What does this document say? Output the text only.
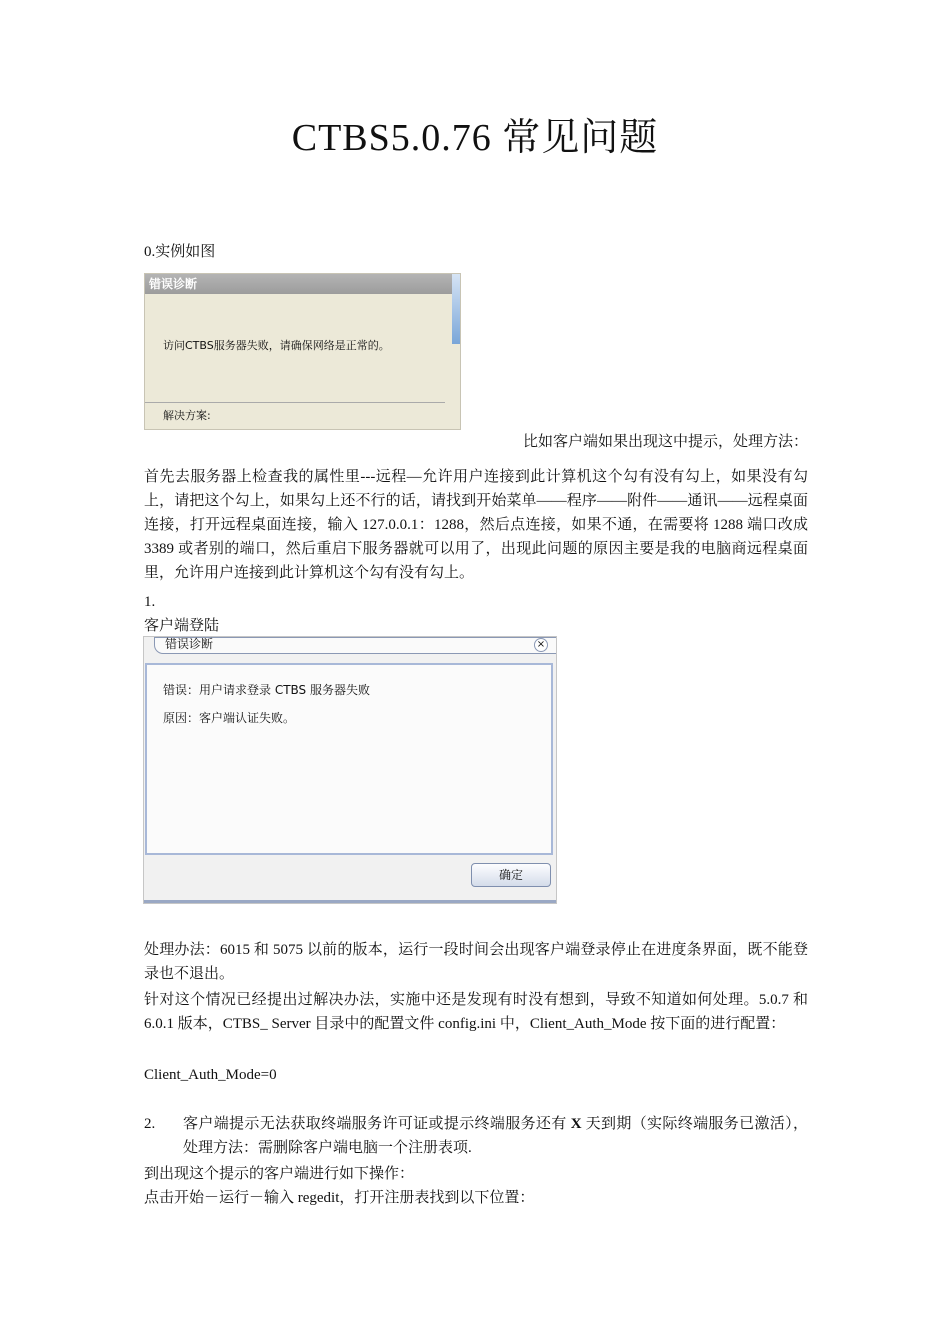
CTBS5.0.76 常见问题
0.实例如图
错误诊断

访问CTBS服务器失败，请确保网络是正常的。

解决方案:

比如客户端如果出现这中提示，处理方法：
首先去服务器上检查我的属性里---远程—允许用户连接到此计算机这个勾有没有勾上，如果没有勾上，请把这个勾上，如果勾上还不行的话，请找到开始菜单——程序——附件——通讯——远程桌面连接，打开远程桌面连接，输入 127.0.0.1：1288，然后点连接，如果不通，在需要将 1288 端口改成 3389 或者别的端口，然后重启下服务器就可以用了，出现此问题的原因主要是我的电脑商远程桌面里，允许用户连接到此计算机这个勾有没有勾上。
1.
客户端登陆
错误诊断	×
错误：用户请求登录 CTBS 服务器失败
原因：客户端认证失败。
确定
处理办法：6015 和 5075 以前的版本，运行一段时间会出现客户端登录停止在进度条界面，既不能登录也不退出。
针对这个情况已经提出过解决办法，实施中还是发现有时没有想到，导致不知道如何处理。5.0.7 和 6.0.1 版本，CTBS_ Server 目录中的配置文件 config.ini 中，Client_Auth_Mode 按下面的进行配置：
Client_Auth_Mode=0
2.	客户端提示无法获取终端服务许可证或提示终端服务还有 X 天到期（实际终端服务已激活），处理方法：需删除客户端电脑一个注册表项.
到出现这个提示的客户端进行如下操作：
点击开始－运行－输入 regedit，打开注册表找到以下位置：
